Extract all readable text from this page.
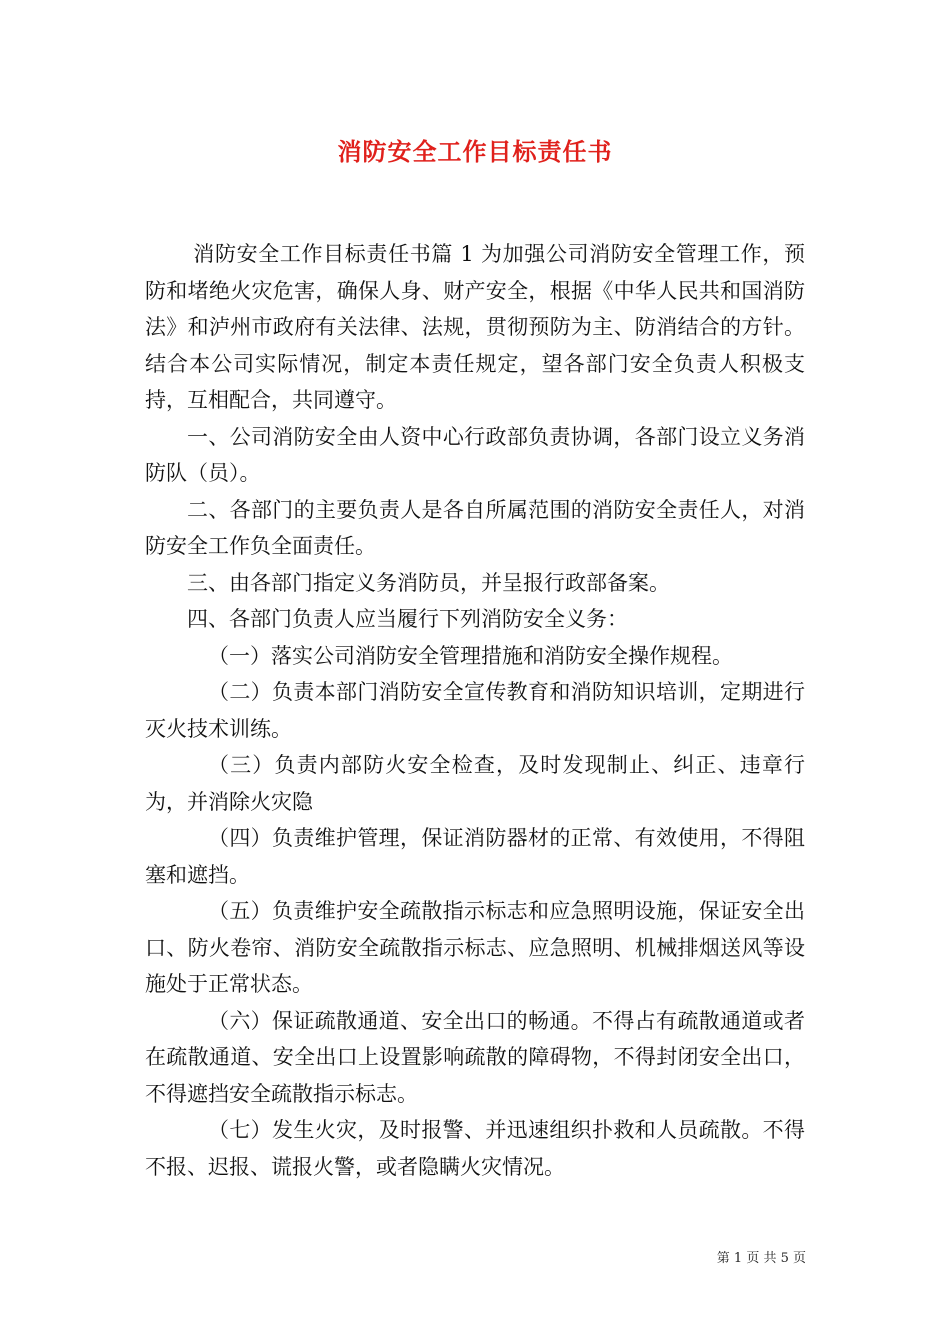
消防安全工作目标责任书

消防安全工作目标责任书篇 1 为加强公司消防安全管理工作，预防和堵绝火灾危害，确保人身、财产安全，根据《中华人民共和国消防法》和泸州市政府有关法律、法规，贯彻预防为主、防消结合的方针。结合本公司实际情况，制定本责任规定，望各部门安全负责人积极支持，互相配合，共同遵守。

一、公司消防安全由人资中心行政部负责协调，各部门设立义务消防队（员）。

二、各部门的主要负责人是各自所属范围的消防安全责任人，对消防安全工作负全面责任。

三、由各部门指定义务消防员，并呈报行政部备案。

四、各部门负责人应当履行下列消防安全义务：

（一）落实公司消防安全管理措施和消防安全操作规程。

（二）负责本部门消防安全宣传教育和消防知识培训，定期进行灭火技术训练。

（三）负责内部防火安全检查，及时发现制止、纠正、违章行为，并消除火灾隐

（四）负责维护管理，保证消防器材的正常、有效使用，不得阻塞和遮挡。

（五）负责维护安全疏散指示标志和应急照明设施，保证安全出口、防火卷帘、消防安全疏散指示标志、应急照明、机械排烟送风等设施处于正常状态。

（六）保证疏散通道、安全出口的畅通。不得占有疏散通道或者在疏散通道、安全出口上设置影响疏散的障碍物，不得封闭安全出口，不得遮挡安全疏散指示标志。

（七）发生火灾，及时报警、并迅速组织扑救和人员疏散。不得不报、迟报、谎报火警，或者隐瞒火灾情况。

第 1 页 共 5 页
